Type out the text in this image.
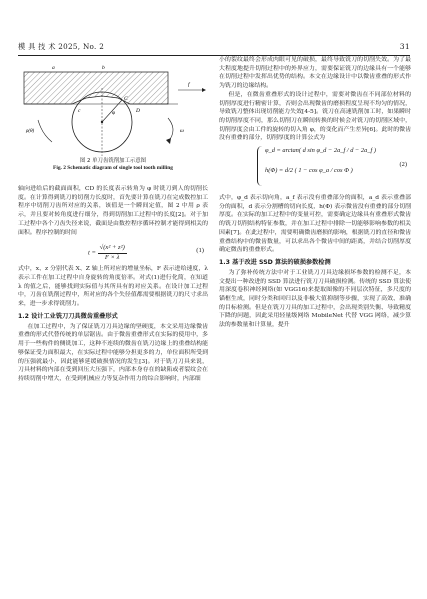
模 具 技 术 2025, No. 2	31
a	b
c
f
φ
ω
ρ(θ)
C
D
图 2 单刀齿铣削加工示意图
Fig. 2 Schematic diagram of single tool tooth milling

轴向进给后的截面面积，CD 的长度表示转角为 φ 时铣刀到人的切削长度。在计算得到铣刀的切削力长度时，首先要计算在铣刀在完成数控加工程序中切削刀齿所对应的关系，该值是一个瞬间定值，图 2 中用 ρ 表示，并且要对转角度进行细分，得到切削加工过程中的长度[2]。对于加工过程中各个刀齿失径来说，截面是由数控程序循环控制才能得到相关的面积。程序控制的时间

$t = \frac{\text{√(x² + z²)}}{F \times \lambda}$	(1)

式中，x、z 分别代表 X、Z 轴上所对应的增量坐标，F 表示进给速度，λ 表示工件在加工过程中自身旋转的角度倍率。对式(1)进行化简，在知道 λ 的值之后，能够找到实际值与其所具有的对应关系。在设计加工过程中，刀齿在铣削过程中，所对应的各个失径值都需要根据铣刀的尺寸求出来，进一步求得铣削力。

1.2 设计工业铣刀刀具微齿重叠形式

在加工过程中，为了保证铣刀刀具边缘的坚硬度，本文采用边缘微齿重叠的形式代替传统的单层锯齿。由于微齿重叠形式在实际的使用中，多用于一些构件的侧铣加工，这种不连续的微齿在铣刀边缘上的重叠结构能够保证受力面积最大，在实际过程中能够分担更多的力，单位面积所受到的压强就最小，因此能够延缓破损情况的发生[3]。对于铣刀刀具来说，刀具材料的内部在受到回压大压强下，内部本身存在的缺陷或者裂纹会在持续切削中增大，在受到机械应力等复杂作用力的综合影响时，内部细

小的裂纹最终会形成肉眼可见的破损，最终导致铣刀的切削失效。为了最大程度地提升切削过程中的外界应力，需要保证铣刀的边缘具有一个能够在切削过程中发挥出优势的结构。本文在边缘设计中以微齿重叠的形式作为铣刀的边缘结构。

但是，在微齿重叠形式的设计过程中，需要对微齿在不同部位材料的切削厚度进行精密计算，否则会出现微齿的磨损程度呈现不均匀的情况，导致铣刀整体出现切削能力失效[4-5]。铣刀在高速铣削加工时，如果瞬时的切削厚度不同，那么切削刀在瞬间转换的时候会对铣刀的切削区域中，切削厚度会由工件的旋转的切入角 φ，的变化而产生差异[6]。此时的微齿没有重叠的部分，切削厚度的计算公式为

φ_d = arctan( d sin φ_d − 2a_f / d − 2a_f )
h(Φ) = d/2 ( 1 − cos φ_a / cos Φ )
(2)

式中，φ_d 表示切向角，a_f 表示没有重叠部分的面积，a_d 表示重叠部分的面积，d 表示分割槽的切向长度，h(Φ) 表示微齿没有重叠的部分切削厚度。在实际的加工过程中的变量可控，需要确定边缘具有重叠形式微齿的铣刀切削结构特征参数，并在加工过程中排除一切能够影响参数的相关因素[7]。在此过程中，需要明确微齿磨损的影响，根据铣刀的直径和微齿重叠结构中的微齿数量，可以求出各个微齿中间的距离，并结合切削厚度确定微齿的重叠形式。

1.3 基于改进 SSD 算法的破损参数检测

为了弥补传统方法中对于工业铣刀刀具边缘损坏参数的检测不足，本文提出一种改进的 SSD 算法进行铣刀刀具破损检测。传统的 SSD 算法使用深度卷积神经网络(如 VGG16)来提取图像的不同层次特征，多尺度的锚框生成，同时分类和回归以及非极大值抑制等步骤，实现了高效、准确的目标检测。但是在铣刀刀具的加工过程中，会出现类别失衡、导致精度下降的问题，因此采用轻量级网络 MobileNet 代替 VGG 网络，减少算法的参数量和计算量，提升
